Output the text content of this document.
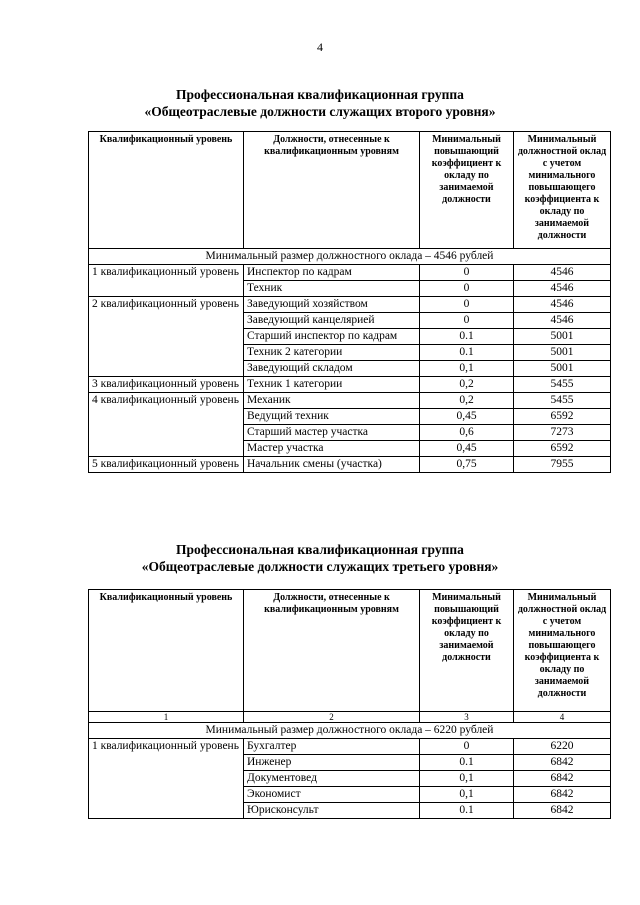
4
Профессиональная квалификационная группа
«Общеотраслевые должности служащих второго уровня»
Квалификационный уровень	Должности, отнесенные к квалификационным уровням	Минимальный повышающий коэффициент к окладу по занимаемой должности	Минимальный должностной оклад с учетом минимального повышающего коэффициента к окладу по занимаемой должности
Минимальный размер должностного оклада – 4546 рублей			
1 квалификационный уровень	Инспектор по кадрам	0	4546
	Техник	0	4546
2 квалификационный уровень	Заведующий хозяйством	0	4546
	Заведующий канцелярией	0	4546
	Старший инспектор по кадрам	0.1	5001
	Техник 2 категории	0.1	5001
	Заведующий складом	0,1	5001
3 квалификационный уровень	Техник 1 категории	0,2	5455
4 квалификационный уровень	Механик	0,2	5455
	Ведущий техник	0,45	6592
	Старший мастер участка	0,6	7273
	Мастер участка	0,45	6592
5 квалификационный уровень	Начальник смены (участка)	0,75	7955
Профессиональная квалификационная группа
«Общеотраслевые должности служащих третьего уровня»
Квалификационный уровень	Должности, отнесенные к квалификационным уровням	Минимальный повышающий коэффициент к окладу по занимаемой должности	Минимальный должностной оклад с учетом минимального повышающего коэффициента к окладу по занимаемой должности
1	2	3	4
Минимальный размер должностного оклада – 6220 рублей			
1 квалификационный уровень	Бухгалтер	0	6220
	Инженер	0.1	6842
	Документовед	0,1	6842
	Экономист	0,1	6842
	Юрисконсульт	0.1	6842
